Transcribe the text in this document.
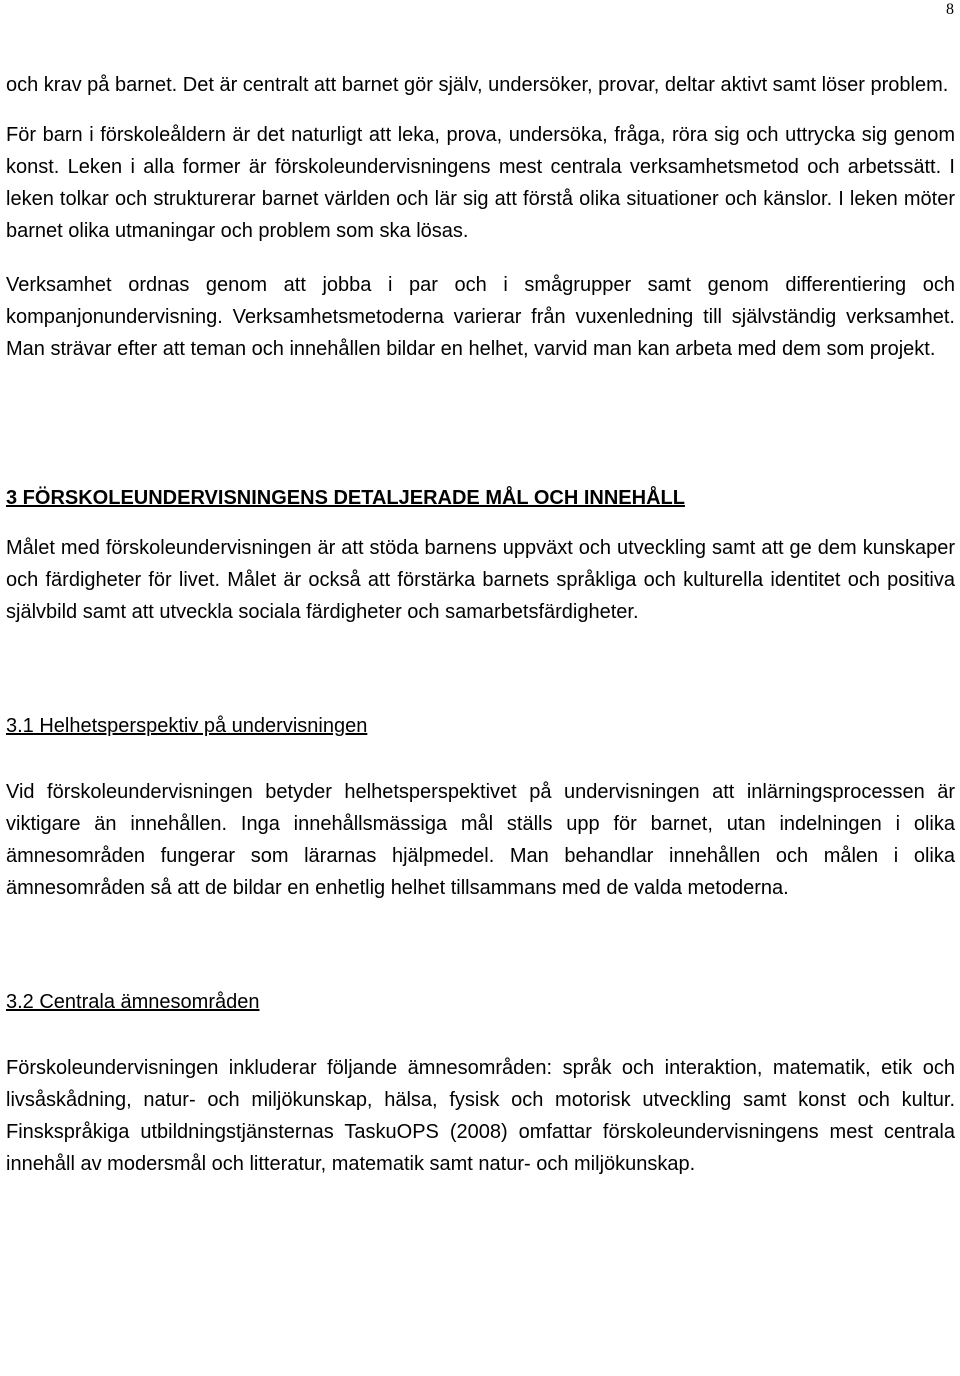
8

och krav på barnet. Det är centralt att barnet gör själv, undersöker, provar, deltar aktivt samt löser problem.

För barn i förskoleåldern är det naturligt att leka, prova, undersöka, fråga, röra sig och uttrycka sig genom konst. Leken i alla former är förskoleundervisningens mest centrala verksamhetsmetod och arbetssätt. I leken tolkar och strukturerar barnet världen och lär sig att förstå olika situationer och känslor. I leken möter barnet olika utmaningar och problem som ska lösas.

Verksamhet ordnas genom att jobba i par och i smågrupper samt genom differentiering och kompanjonundervisning. Verksamhetsmetoderna varierar från vuxenledning till självständig verksamhet. Man strävar efter att teman och innehållen bildar en helhet, varvid man kan arbeta med dem som projekt.

3 FÖRSKOLEUNDERVISNINGENS DETALJERADE MÅL OCH INNEHÅLL

Målet med förskoleundervisningen är att stöda barnens uppväxt och utveckling samt att ge dem kunskaper och färdigheter för livet. Målet är också att förstärka barnets språkliga och kulturella identitet och positiva självbild samt att utveckla sociala färdigheter och samarbetsfärdigheter.

3.1 Helhetsperspektiv på undervisningen

Vid förskoleundervisningen betyder helhetsperspektivet på undervisningen att inlärningsprocessen är viktigare än innehållen. Inga innehållsmässiga mål ställs upp för barnet, utan indelningen i olika ämnesområden fungerar som lärarnas hjälpmedel. Man behandlar innehållen och målen i olika ämnesområden så att de bildar en enhetlig helhet tillsammans med de valda metoderna.

3.2 Centrala ämnesområden

Förskoleundervisningen inkluderar följande ämnesområden: språk och interaktion, matematik, etik och livsåskådning, natur- och miljökunskap, hälsa, fysisk och motorisk utveckling samt konst och kultur. Finskspråkiga utbildningstjänsternas TaskuOPS (2008) omfattar förskoleundervisningens mest centrala innehåll av modersmål och litteratur, matematik samt natur- och miljökunskap.
